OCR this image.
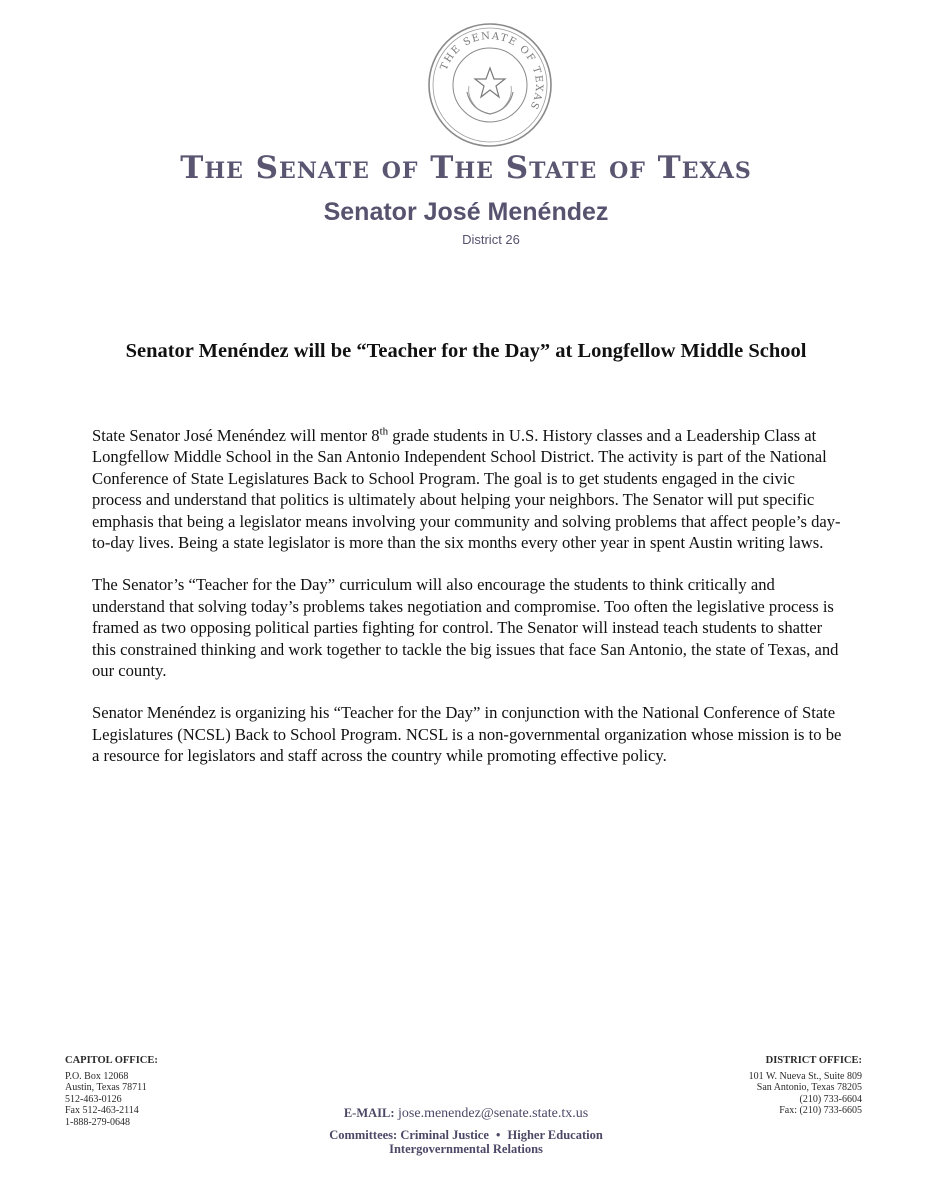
THE SENATE OF TEXAS
The Senate of The State of Texas
Senator José Menéndez
District 26
Senator Menéndez will be “Teacher for the Day” at Longfellow Middle School

State Senator José Menéndez will mentor 8th grade students in U.S. History classes and a Leadership Class at Longfellow Middle School in the San Antonio Independent School District. The activity is part of the National Conference of State Legislatures Back to School Program. The goal is to get students engaged in the civic process and understand that politics is ultimately about helping your neighbors. The Senator will put specific emphasis that being a legislator means involving your community and solving problems that affect people’s day-to-day lives. Being a state legislator is more than the six months every other year in spent Austin writing laws.

The Senator’s “Teacher for the Day” curriculum will also encourage the students to think critically and understand that solving today’s problems takes negotiation and compromise. Too often the legislative process is framed as two opposing political parties fighting for control. The Senator will instead teach students to shatter this constrained thinking and work together to tackle the big issues that face San Antonio, the state of Texas, and our county.

Senator Menéndez is organizing his “Teacher for the Day” in conjunction with the National Conference of State Legislatures (NCSL) Back to School Program. NCSL is a non-governmental organization whose mission is to be a resource for legislators and staff across the country while promoting effective policy.

CAPITOL OFFICE:
P.O. Box 12068
Austin, Texas 78711
512-463-0126
Fax 512-463-2114
1-888-279-0648
DISTRICT OFFICE:
101 W. Nueva St., Suite 809
San Antonio, Texas 78205
(210) 733-6604
Fax: (210) 733-6605
E-MAIL: jose.menendez@senate.state.tx.us
Committees: Criminal Justice • Higher Education
Intergovernmental Relations
